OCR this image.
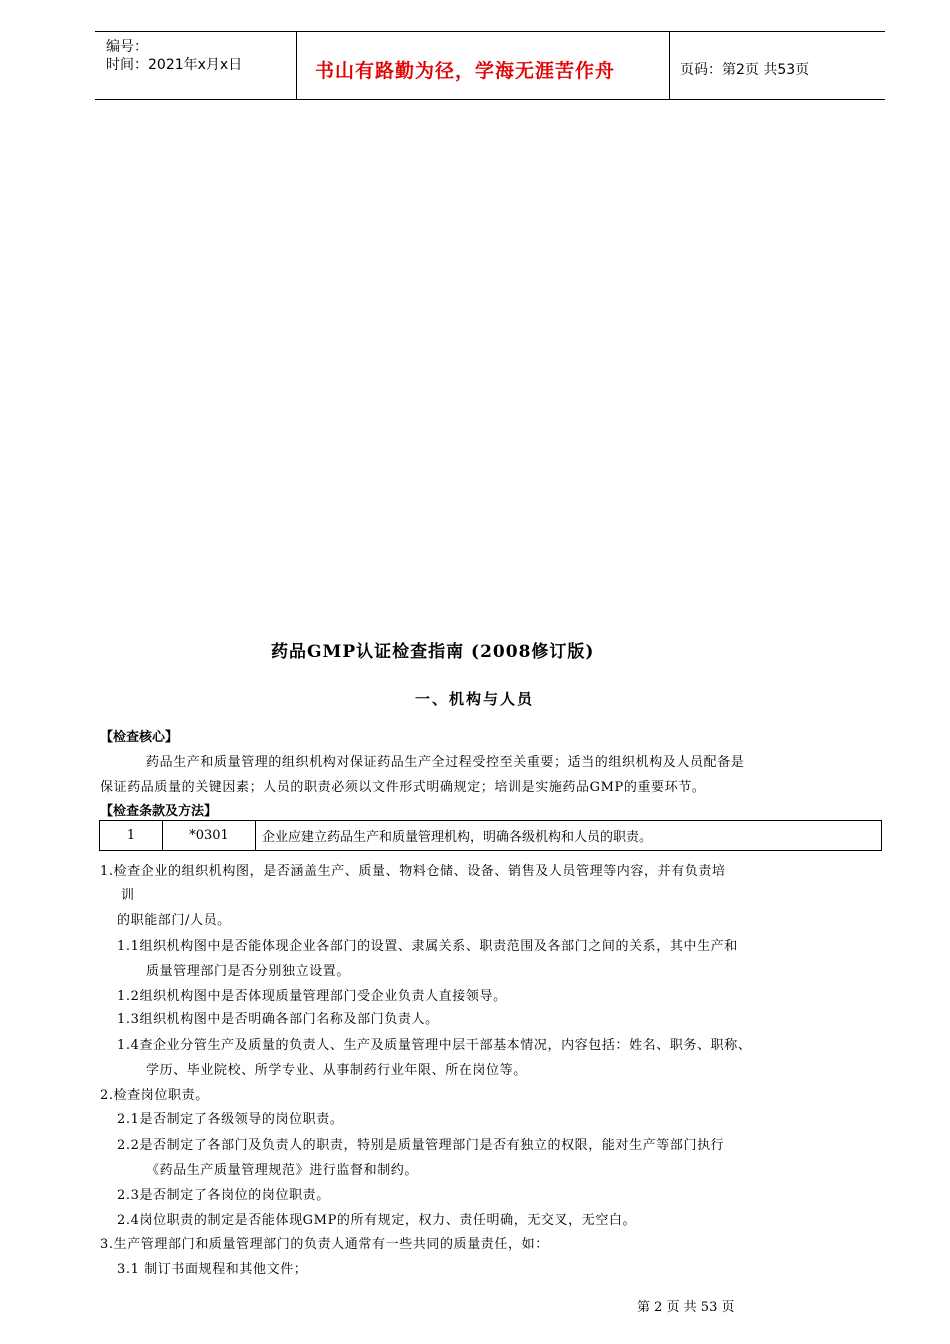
编号：
时间：2021年x月x日	书山有路勤为径，学海无涯苦作舟	页码：第2页 共53页
药品GMP认证检查指南 (2008修订版)
一、机构与人员
【检查核心】
药品生产和质量管理的组织机构对保证药品生产全过程受控至关重要；适当的组织机构及人员配备是
保证药品质量的关键因素；人员的职责必须以文件形式明确规定；培训是实施药品GMP的重要环节。
【检查条款及方法】
1	*0301	企业应建立药品生产和质量管理机构，明确各级机构和人员的职责。
1.检查企业的组织机构图，是否涵盖生产、质量、物料仓储、设备、销售及人员管理等内容，并有负责培
训
的职能部门/人员。
1.1组织机构图中是否能体现企业各部门的设置、隶属关系、职责范围及各部门之间的关系，其中生产和
质量管理部门是否分别独立设置。
1.2组织机构图中是否体现质量管理部门受企业负责人直接领导。
1.3组织机构图中是否明确各部门名称及部门负责人。
1.4查企业分管生产及质量的负责人、生产及质量管理中层干部基本情况，内容包括：姓名、职务、职称、
学历、毕业院校、所学专业、从事制药行业年限、所在岗位等。
2.检查岗位职责。
2.1是否制定了各级领导的岗位职责。
2.2是否制定了各部门及负责人的职责，特别是质量管理部门是否有独立的权限，能对生产等部门执行
《药品生产质量管理规范》进行监督和制约。
2.3是否制定了各岗位的岗位职责。
2.4岗位职责的制定是否能体现GMP的所有规定，权力、责任明确，无交叉，无空白。
3.生产管理部门和质量管理部门的负责人通常有一些共同的质量责任，如：
3.1 制订书面规程和其他文件；
第 2 页 共 53 页
